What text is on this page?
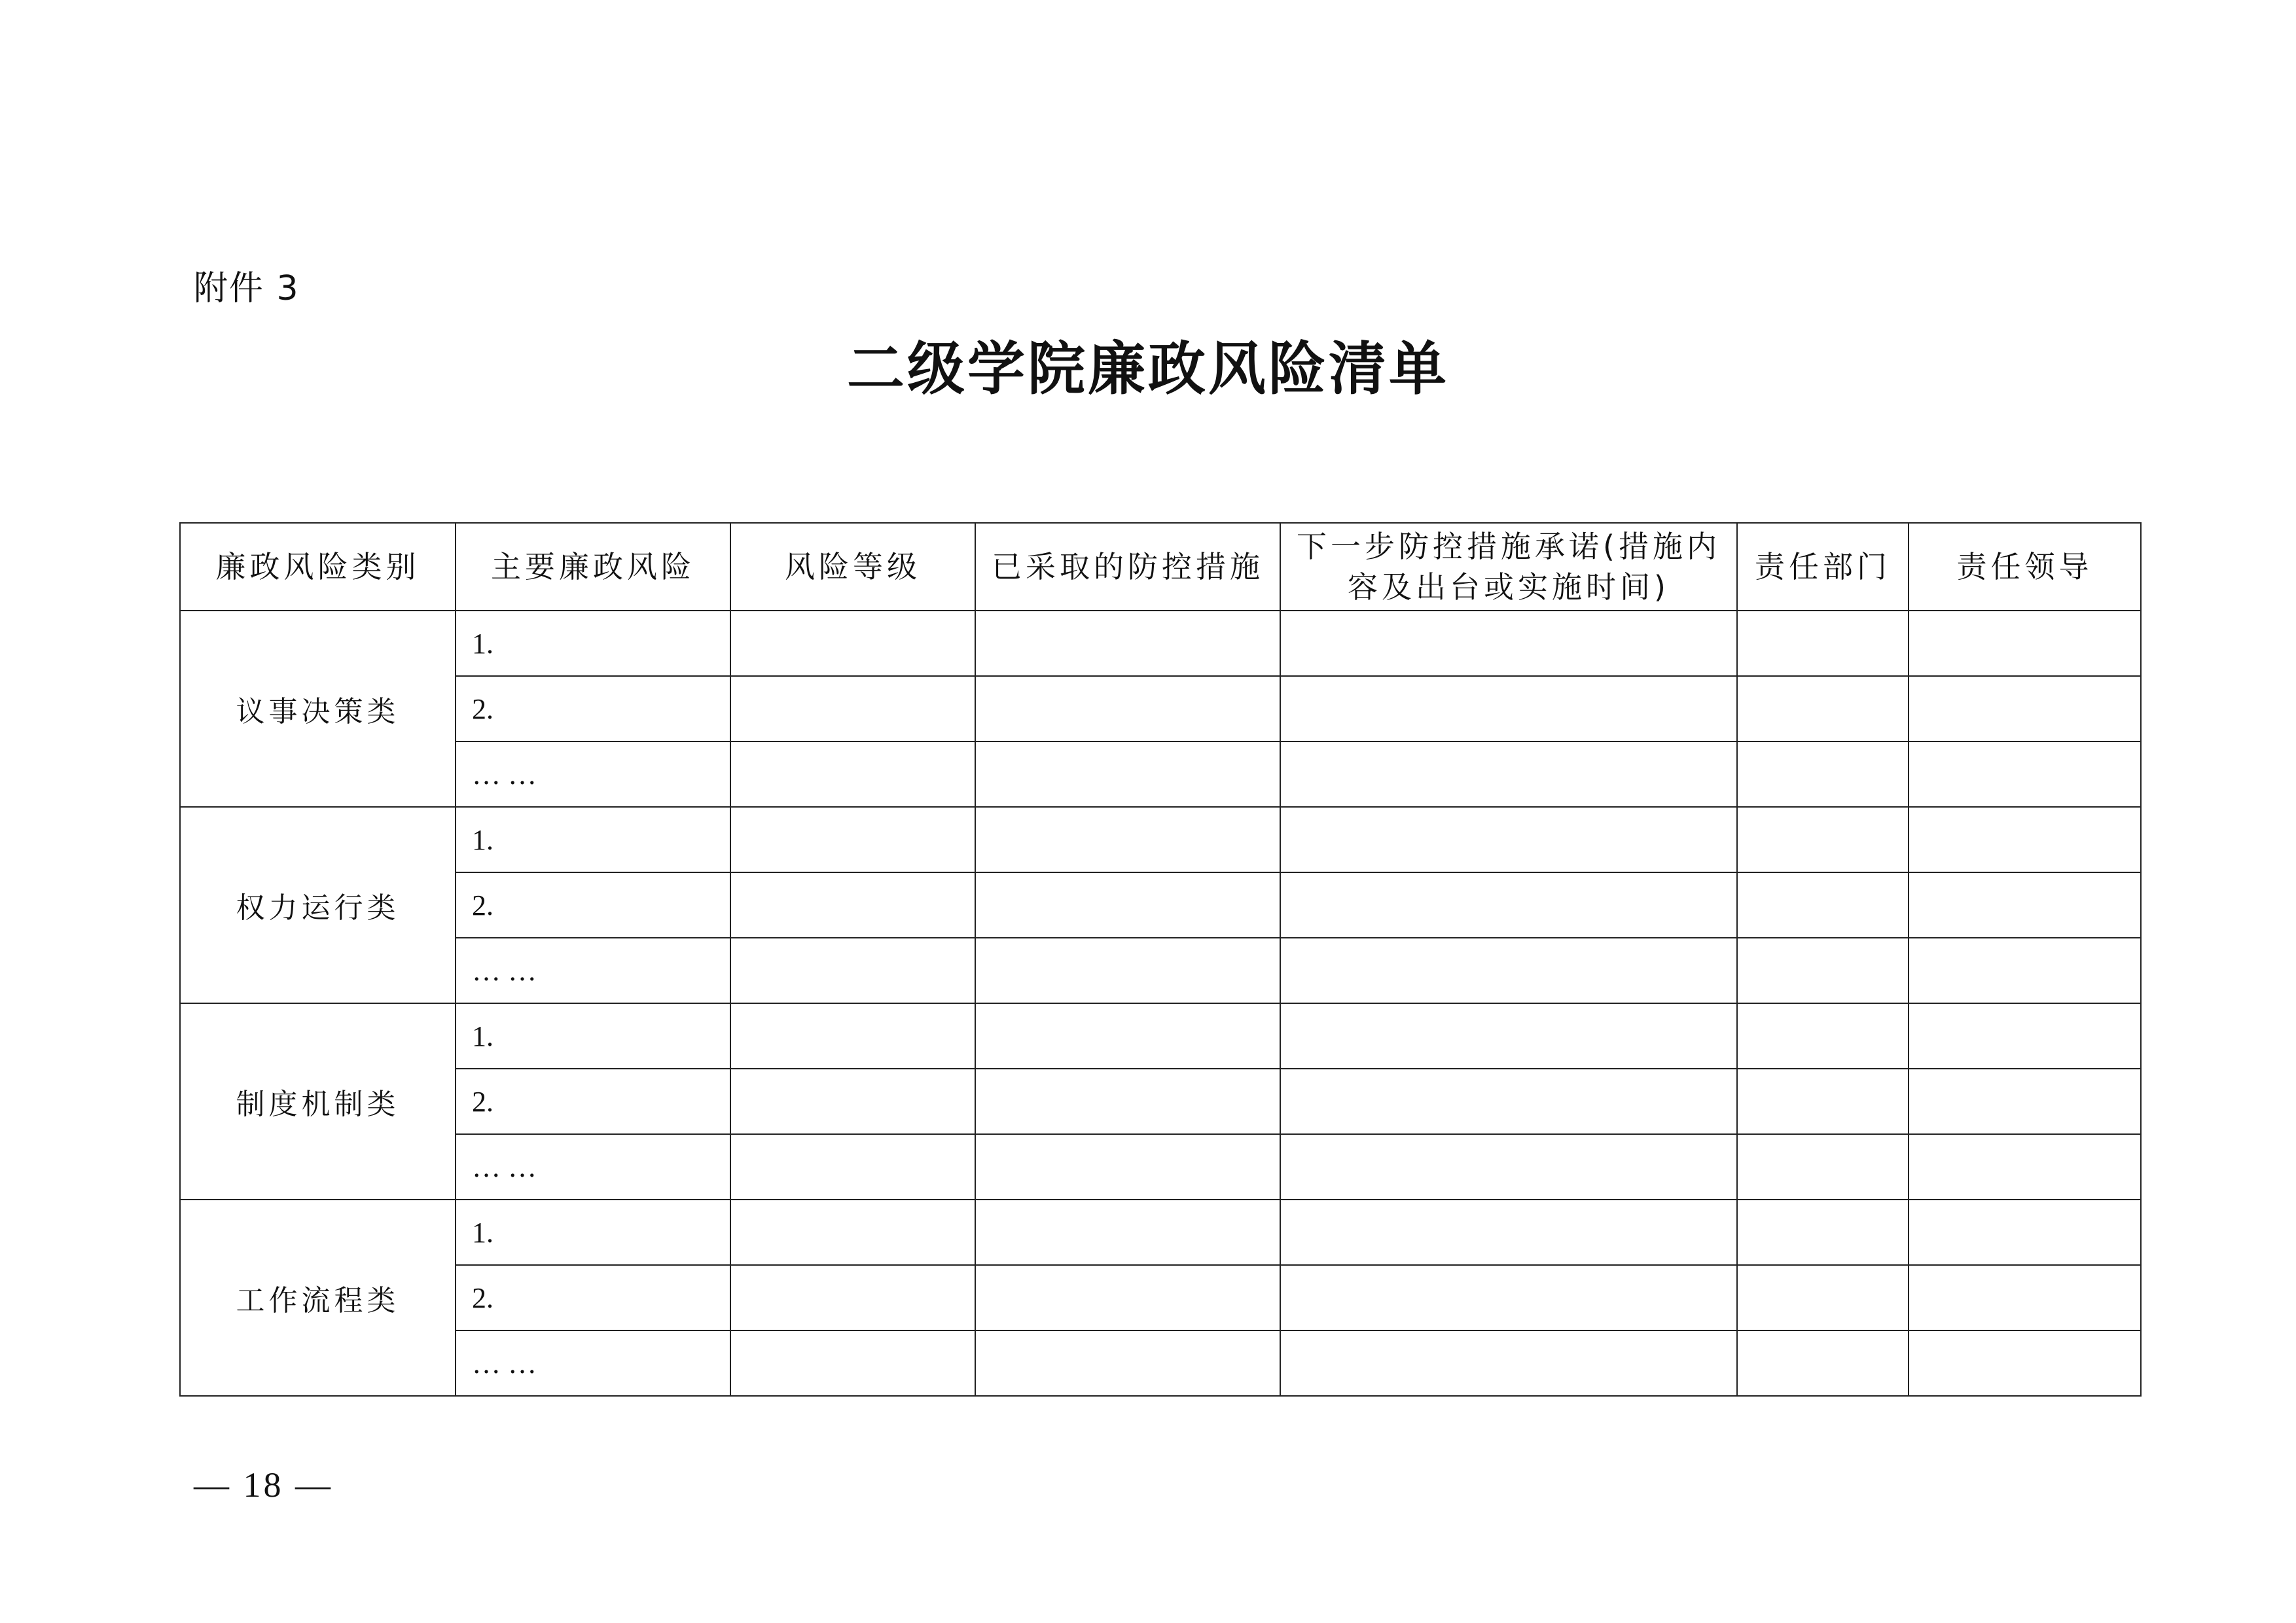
附件 3
二级学院廉政风险清单
廉政风险类别	主要廉政风险	风险等级	已采取的防控措施	下一步防控措施承诺(措施内容及出台或实施时间)	责任部门	责任领导

议事决策类	1.					
	2.					
	… …					
权力运行类	1.					
	2.					
	… …					
制度机制类	1.					
	2.					
	… …					
工作流程类	1.					
	2.					
	… …					
— 18 —
